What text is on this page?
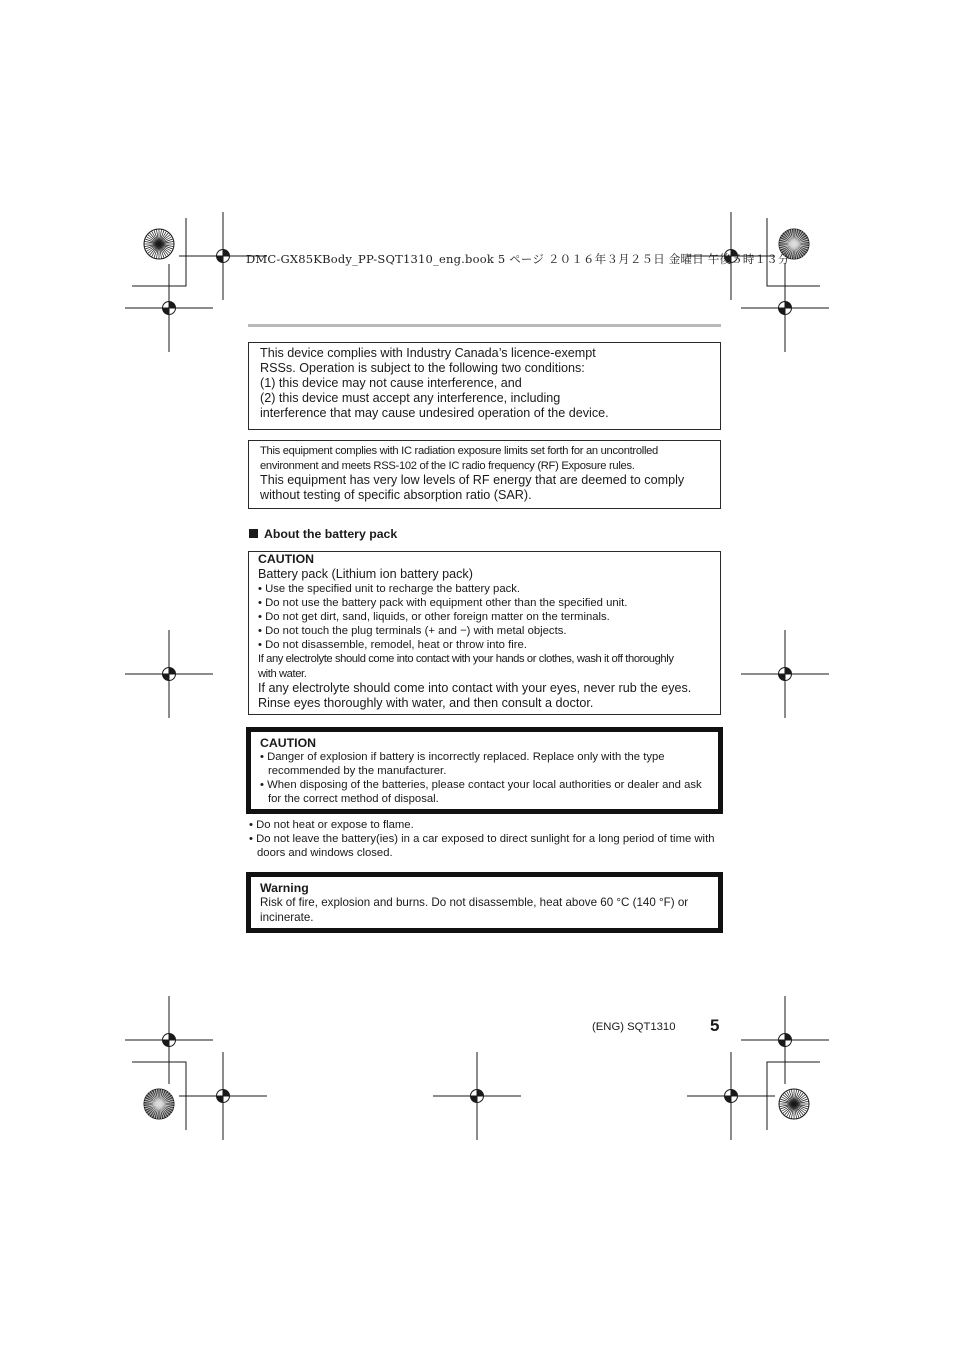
DMC-GX85KBody_PP-SQT1310_eng.book 5 ページ ２０１６年３月２５日 金曜日 午後５時１３分
This device complies with Industry Canada’s licence-exempt
RSSs. Operation is subject to the following two conditions:
(1) this device may not cause interference, and
(2) this device must accept any interference, including
interference that may cause undesired operation of the device.
This equipment complies with IC radiation exposure limits set forth for an uncontrolled
environment and meets RSS-102 of the IC radio frequency (RF) Exposure rules.
This equipment has very low levels of RF energy that are deemed to comply
without testing of specific absorption ratio (SAR).
About the battery pack
CAUTION
Battery pack (Lithium ion battery pack)
• Use the specified unit to recharge the battery pack.
• Do not use the battery pack with equipment other than the specified unit.
• Do not get dirt, sand, liquids, or other foreign matter on the terminals.
• Do not touch the plug terminals (+ and −) with metal objects.
• Do not disassemble, remodel, heat or throw into fire.
If any electrolyte should come into contact with your hands or clothes, wash it off thoroughly
with water.
If any electrolyte should come into contact with your eyes, never rub the eyes.
Rinse eyes thoroughly with water, and then consult a doctor.
CAUTION
• Danger of explosion if battery is incorrectly replaced. Replace only with the type recommended by the manufacturer.
• When disposing of the batteries, please contact your local authorities or dealer and ask for the correct method of disposal.
• Do not heat or expose to flame.
• Do not leave the battery(ies) in a car exposed to direct sunlight for a long period of time with doors and windows closed.
Warning
Risk of fire, explosion and burns. Do not disassemble, heat above 60 °C (140 °F) or incinerate.
(ENG) SQT1310 5
